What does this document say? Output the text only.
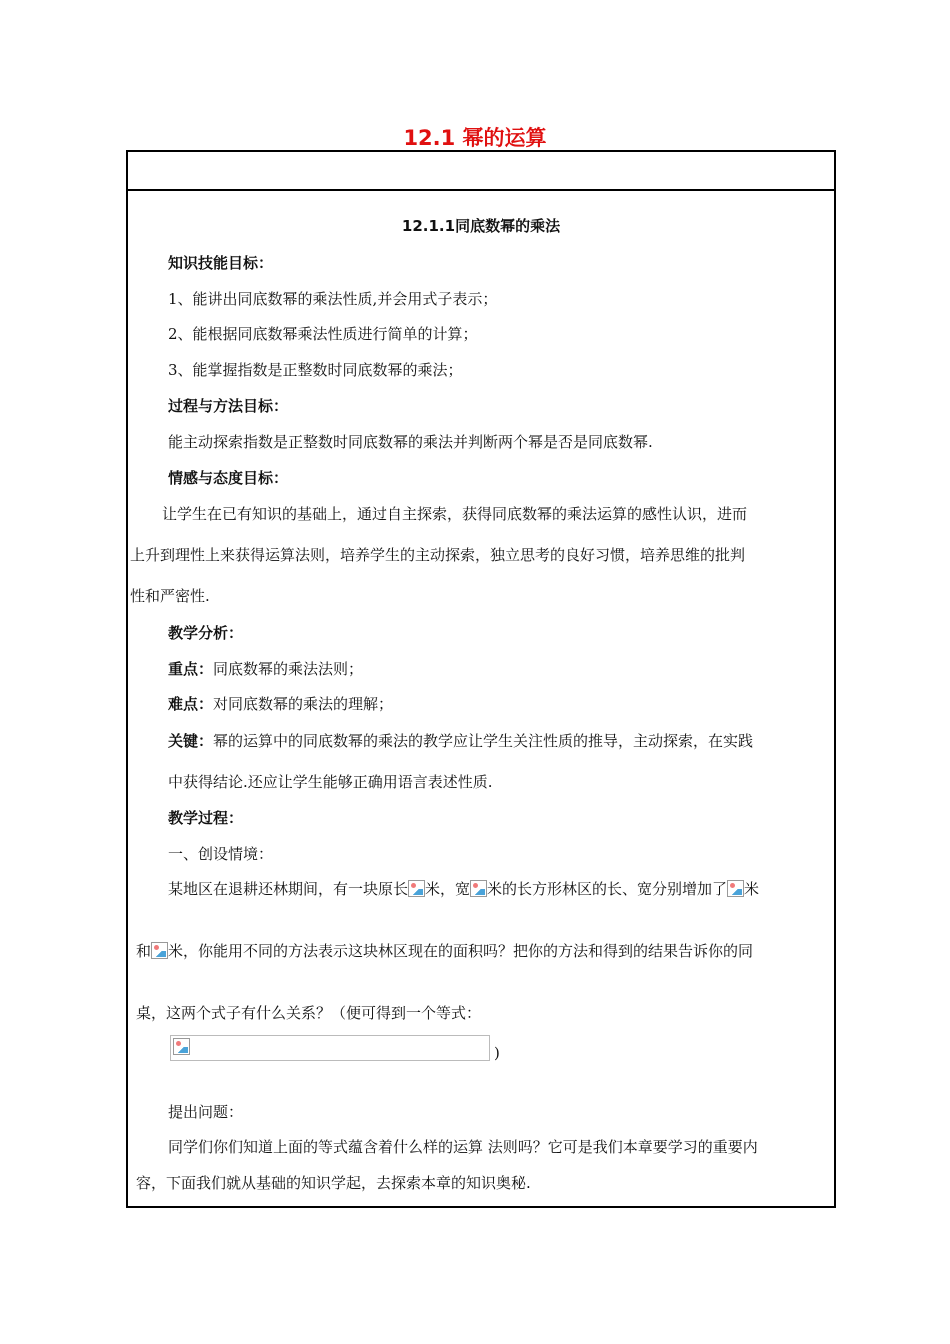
12.1 幂的运算
12.1.1同底数幂的乘法
知识技能目标：
1、能讲出同底数幂的乘法性质,并会用式子表示；
2、能根据同底数幂乘法性质进行简单的计算；
3、能掌握指数是正整数时同底数幂的乘法；
过程与方法目标：
能主动探索指数是正整数时同底数幂的乘法并判断两个幂是否是同底数幂.
情感与态度目标：
让学生在已有知识的基础上，通过自主探索，获得同底数幂的乘法运算的感性认识，进而
上升到理性上来获得运算法则，培养学生的主动探索，独立思考的良好习惯，培养思维的批判
性和严密性.
教学分析：
重点：同底数幂的乘法法则；
难点：对同底数幂的乘法的理解；
关键：幂的运算中的同底数幂的乘法的教学应让学生关注性质的推导，主动探索，在实践
中获得结论.还应让学生能够正确用语言表述性质.
教学过程：
一、创设情境：
某地区在退耕还林期间，有一块原长 米，宽 米的长方形林区的长、宽分别增加了 米
和 米，你能用不同的方法表示这块林区现在的面积吗？把你的方法和得到的结果告诉你的同
桌，这两个式子有什么关系？（便可得到一个等式：
)
提出问题：
同学们你们知道上面的等式蕴含着什么样的运算 法则吗？它可是我们本章要学习的重要内
容，下面我们就从基础的知识学起，去探索本章的知识奥秘.
